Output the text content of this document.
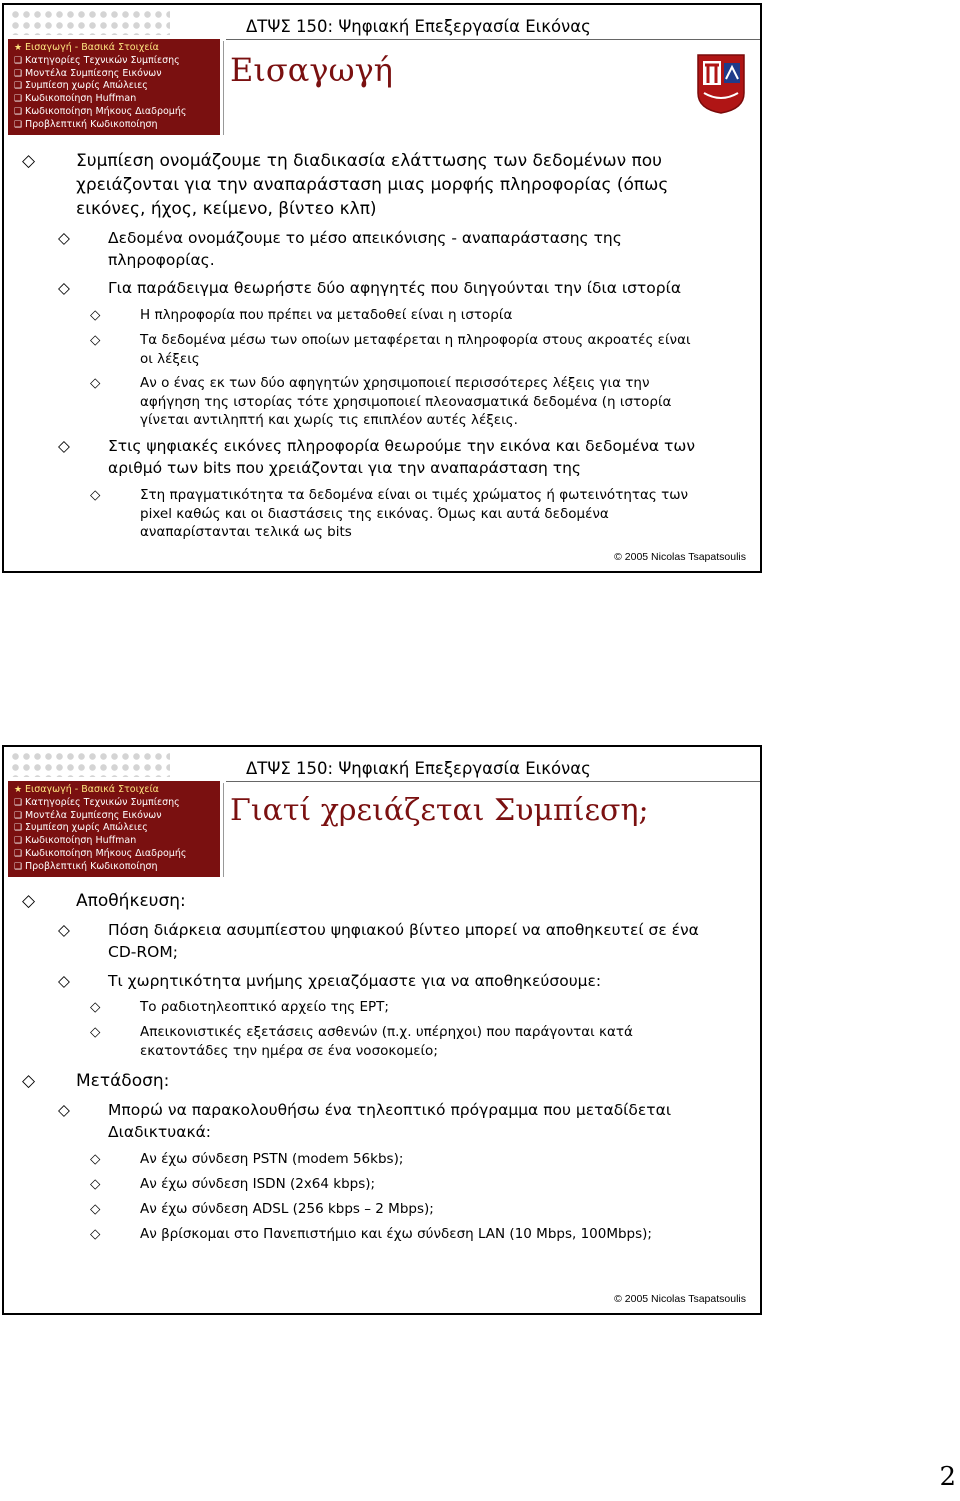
ΔΤΨΣ 150: Ψηφιακή Επεξεργασία Εικόνας
★ Εισαγωγή - Βασικά Στοιχεία
❑ Κατηγορίες Τεχνικών Συμπίεσης
❑ Μοντέλα Συμπίεσης Εικόνων
❑ Συμπίεση χωρίς Απώλειες
❑ Κωδικοποίηση Huffman
❑ Κωδικοποίηση Μήκους Διαδρομής
❑ Προβλεπτική Κωδικοποίηση
Εισαγωγή
◇ Συμπίεση ονομάζουμε τη διαδικασία ελάττωσης των δεδομένων που χρειάζονται για την αναπαράσταση μιας μορφής πληροφορίας (όπως εικόνες, ήχος, κείμενο, βίντεο κλπ)
◇ Δεδομένα ονομάζουμε το μέσο απεικόνισης - αναπαράστασης της πληροφορίας.
◇ Για παράδειγμα θεωρήστε δύο αφηγητές που διηγούνται την ίδια ιστορία
◇	Η πληροφορία που πρέπει να μεταδοθεί είναι η ιστορία
◇	Τα δεδομένα μέσω των οποίων μεταφέρεται η πληροφορία στους ακροατές είναι οι λέξεις
◇	Αν ο ένας εκ των δύο αφηγητών χρησιμοποιεί περισσότερες λέξεις για την αφήγηση της ιστορίας τότε χρησιμοποιεί πλεονασματικά δεδομένα (η ιστορία γίνεται αντιληπτή και χωρίς τις επιπλέον αυτές λέξεις.
◇ Στις ψηφιακές εικόνες πληροφορία θεωρούμε την εικόνα και δεδομένα των αριθμό των bits που χρειάζονται για την αναπαράσταση της
◇	Στη πραγματικότητα τα δεδομένα είναι οι τιμές χρώματος ή φωτεινότητας των pixel καθώς και οι διαστάσεις της εικόνας. Όμως και αυτά δεδομένα αναπαρίστανται τελικά ως bits
© 2005 Nicolas Tsapatsoulis
ΔΤΨΣ 150: Ψηφιακή Επεξεργασία Εικόνας
★ Εισαγωγή - Βασικά Στοιχεία
❑ Κατηγορίες Τεχνικών Συμπίεσης
❑ Μοντέλα Συμπίεσης Εικόνων
❑ Συμπίεση χωρίς Απώλειες
❑ Κωδικοποίηση Huffman
❑ Κωδικοποίηση Μήκους Διαδρομής
❑ Προβλεπτική Κωδικοποίηση
Γιατί χρειάζεται Συμπίεση;
◇ Αποθήκευση:
◇ Πόση διάρκεια ασυμπίεστου ψηφιακού βίντεο μπορεί να αποθηκευτεί σε ένα CD-ROM;
◇ Τι χωρητικότητα μνήμης χρειαζόμαστε για να αποθηκεύσουμε:
◇	Το ραδιοτηλεοπτικό αρχείο της ΕΡΤ;
◇	Απεικονιστικές εξετάσεις ασθενών (π.χ. υπέρηχοι) που παράγονται κατά εκατοντάδες την ημέρα σε ένα νοσοκομείο;
◇ Μετάδοση:
◇ Μπορώ να παρακολουθήσω ένα τηλεοπτικό πρόγραμμα που μεταδίδεται Διαδικτυακά:
◇	Αν έχω σύνδεση PSTN (modem 56kbs);
◇	Αν έχω σύνδεση ISDN (2x64 kbps);
◇	Αν έχω σύνδεση ADSL (256 kbps – 2 Mbps);
◇	Αν βρίσκομαι στο Πανεπιστήμιο και έχω σύνδεση LAN (10 Mbps, 100Mbps);
© 2005 Nicolas Tsapatsoulis
2
